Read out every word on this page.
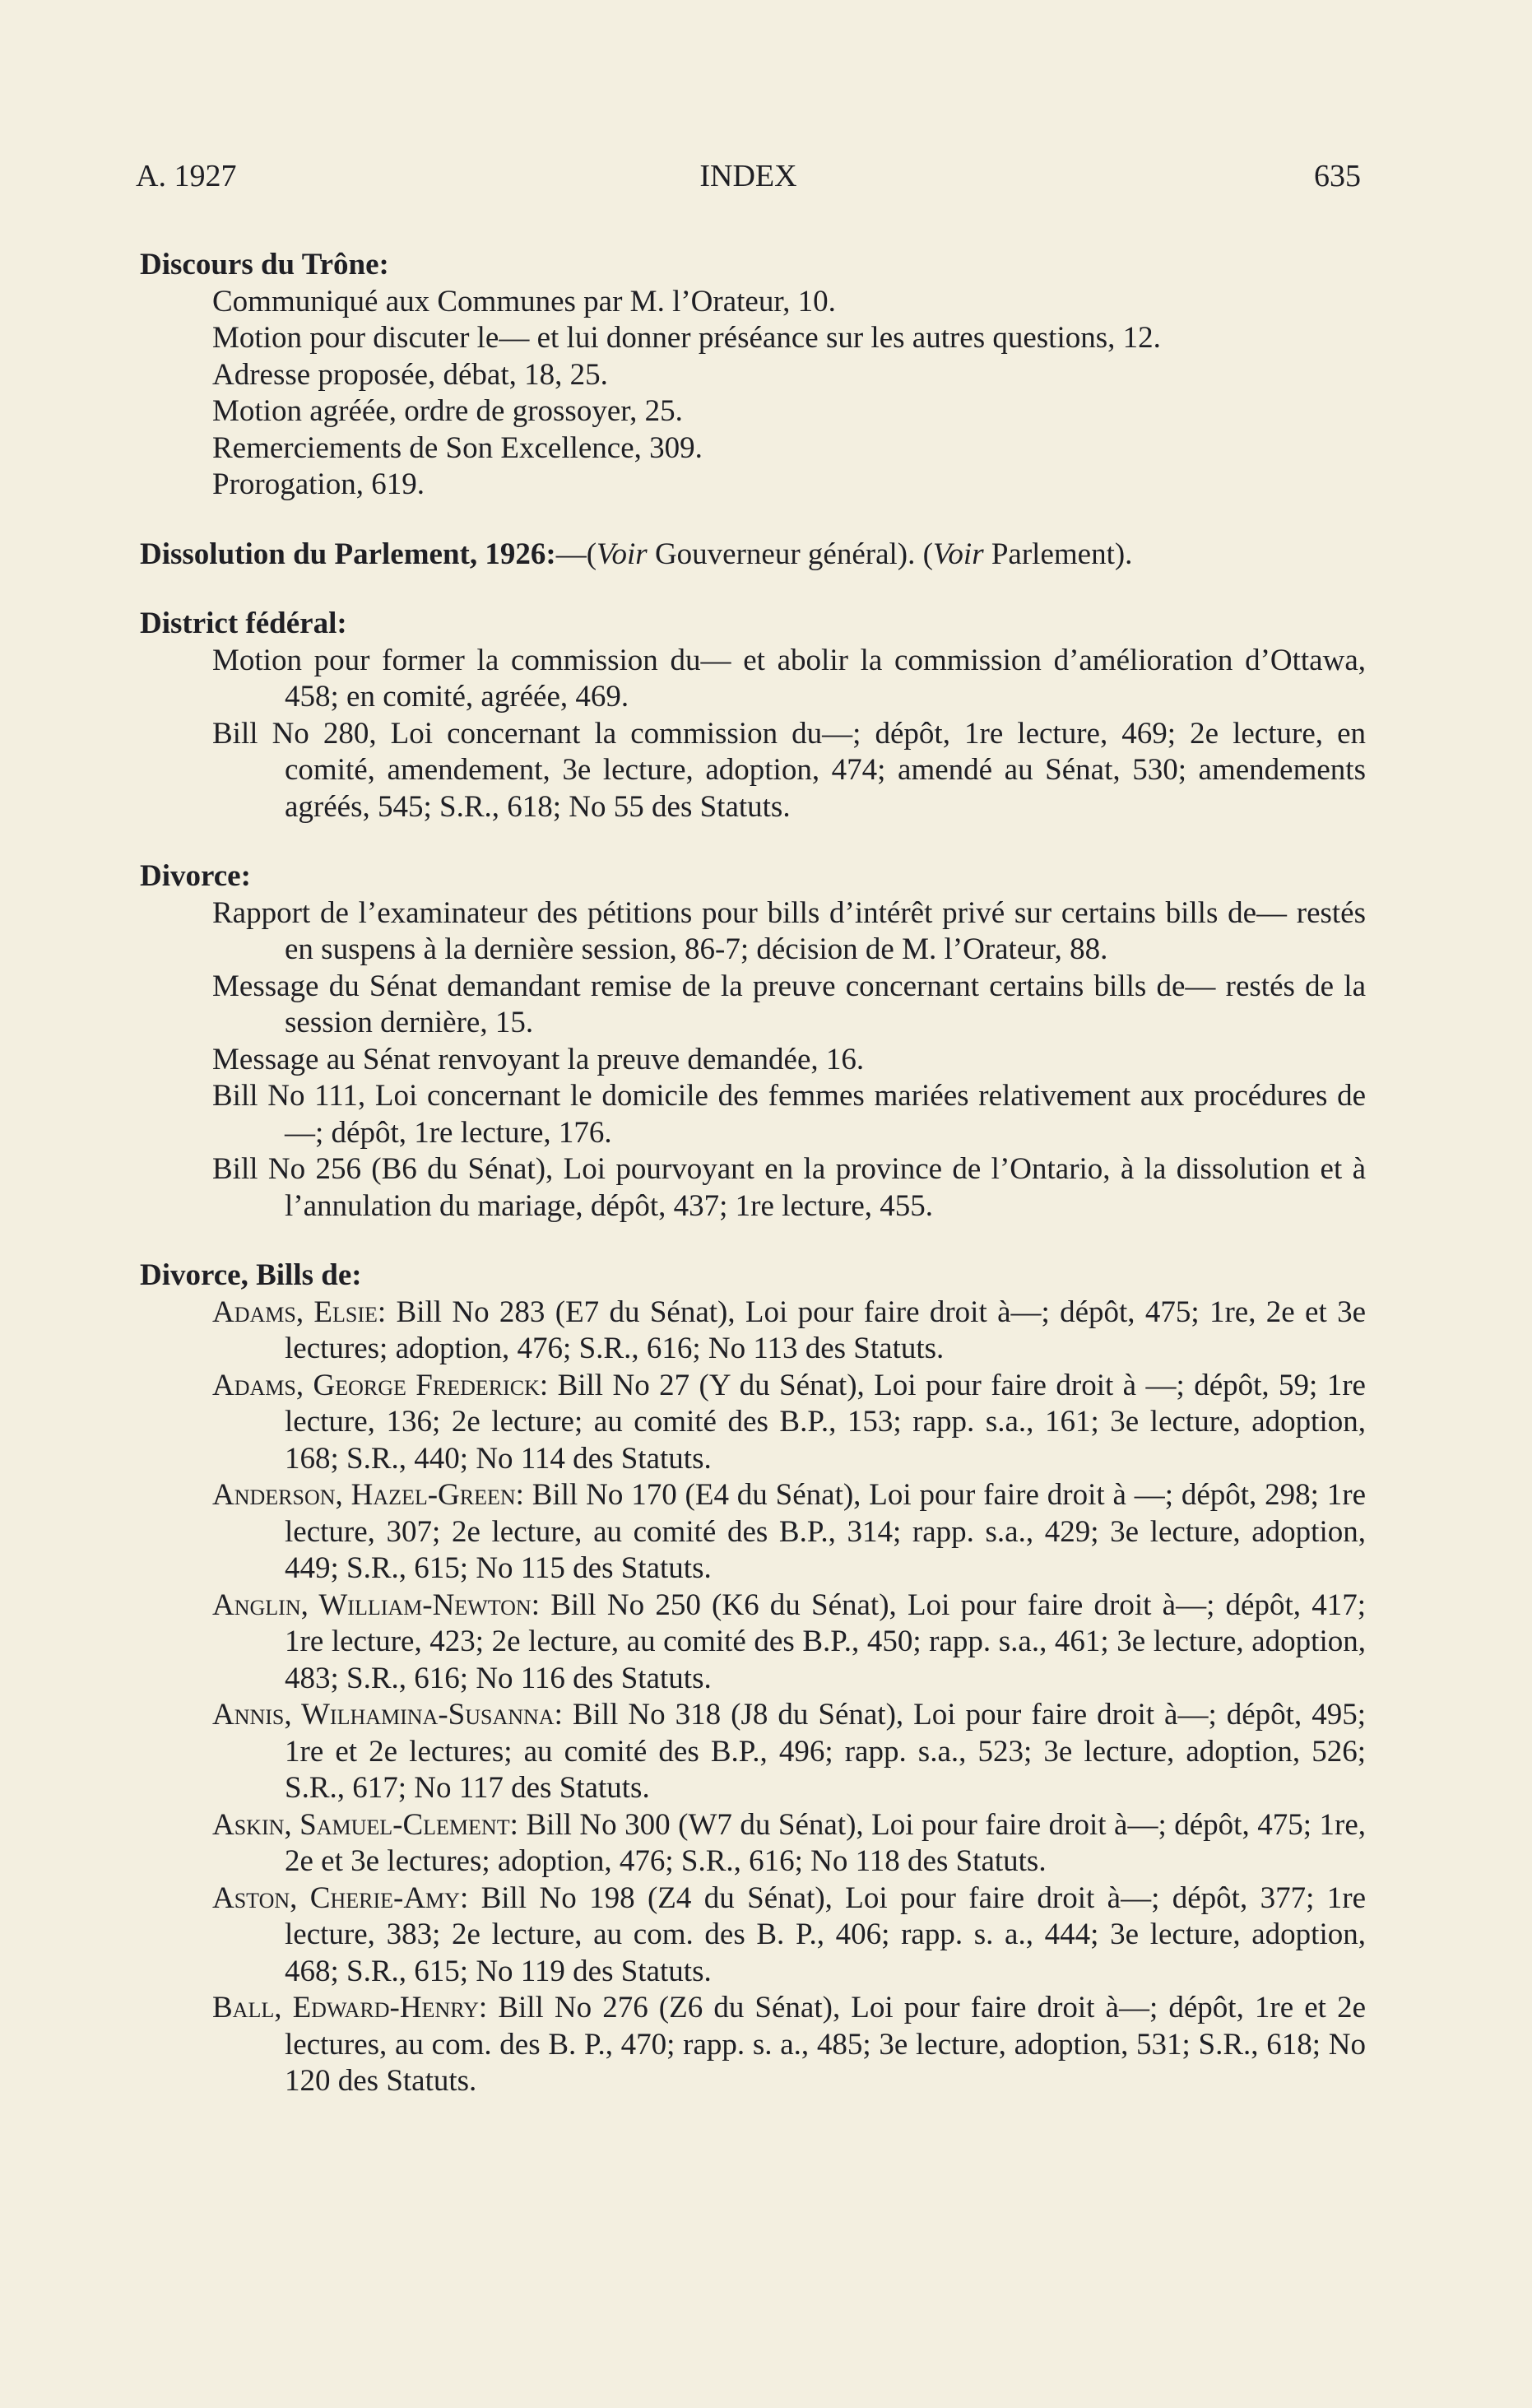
A. 1927	INDEX	635
Discours du Trône:
Communiqué aux Communes par M. l’Orateur, 10.
Motion pour discuter le— et lui donner préséance sur les autres questions, 12.
Adresse proposée, débat, 18, 25.
Motion agréée, ordre de grossoyer, 25.
Remerciements de Son Excellence, 309.
Prorogation, 619.
Dissolution du Parlement, 1926:—(Voir Gouverneur général). (Voir Parlement).
District fédéral:
Motion pour former la commission du— et abolir la commission d’amélioration d’Ottawa, 458; en comité, agréée, 469.
Bill No 280, Loi concernant la commission du—; dépôt, 1re lecture, 469; 2e lecture, en comité, amendement, 3e lecture, adoption, 474; amendé au Sénat, 530; amendements agréés, 545; S.R., 618; No 55 des Statuts.
Divorce:
Rapport de l’examinateur des pétitions pour bills d’intérêt privé sur certains bills de— restés en suspens à la dernière session, 86-7; décision de M. l’Orateur, 88.
Message du Sénat demandant remise de la preuve concernant certains bills de— restés de la session dernière, 15.
Message au Sénat renvoyant la preuve demandée, 16.
Bill No 111, Loi concernant le domicile des femmes mariées relativement aux procédures de—; dépôt, 1re lecture, 176.
Bill No 256 (B6 du Sénat), Loi pourvoyant en la province de l’Ontario, à la dissolution et à l’annulation du mariage, dépôt, 437; 1re lecture, 455.
Divorce, Bills de:
Adams, Elsie: Bill No 283 (E7 du Sénat), Loi pour faire droit à—; dépôt, 475; 1re, 2e et 3e lectures; adoption, 476; S.R., 616; No 113 des Statuts.
Adams, George Frederick: Bill No 27 (Y du Sénat), Loi pour faire droit à —; dépôt, 59; 1re lecture, 136; 2e lecture; au comité des B.P., 153; rapp. s.a., 161; 3e lecture, adoption, 168; S.R., 440; No 114 des Statuts.
Anderson, Hazel-Green: Bill No 170 (E4 du Sénat), Loi pour faire droit à —; dépôt, 298; 1re lecture, 307; 2e lecture, au comité des B.P., 314; rapp. s.a., 429; 3e lecture, adoption, 449; S.R., 615; No 115 des Statuts.
Anglin, William-Newton: Bill No 250 (K6 du Sénat), Loi pour faire droit à—; dépôt, 417; 1re lecture, 423; 2e lecture, au comité des B.P., 450; rapp. s.a., 461; 3e lecture, adoption, 483; S.R., 616; No 116 des Statuts.
Annis, Wilhamina-Susanna: Bill No 318 (J8 du Sénat), Loi pour faire droit à—; dépôt, 495; 1re et 2e lectures; au comité des B.P., 496; rapp. s.a., 523; 3e lecture, adoption, 526; S.R., 617; No 117 des Statuts.
Askin, Samuel-Clement: Bill No 300 (W7 du Sénat), Loi pour faire droit à—; dépôt, 475; 1re, 2e et 3e lectures; adoption, 476; S.R., 616; No 118 des Statuts.
Aston, Cherie-Amy: Bill No 198 (Z4 du Sénat), Loi pour faire droit à—; dépôt, 377; 1re lecture, 383; 2e lecture, au com. des B. P., 406; rapp. s. a., 444; 3e lecture, adoption, 468; S.R., 615; No 119 des Statuts.
Ball, Edward-Henry: Bill No 276 (Z6 du Sénat), Loi pour faire droit à—; dépôt, 1re et 2e lectures, au com. des B. P., 470; rapp. s. a., 485; 3e lecture, adoption, 531; S.R., 618; No 120 des Statuts.
